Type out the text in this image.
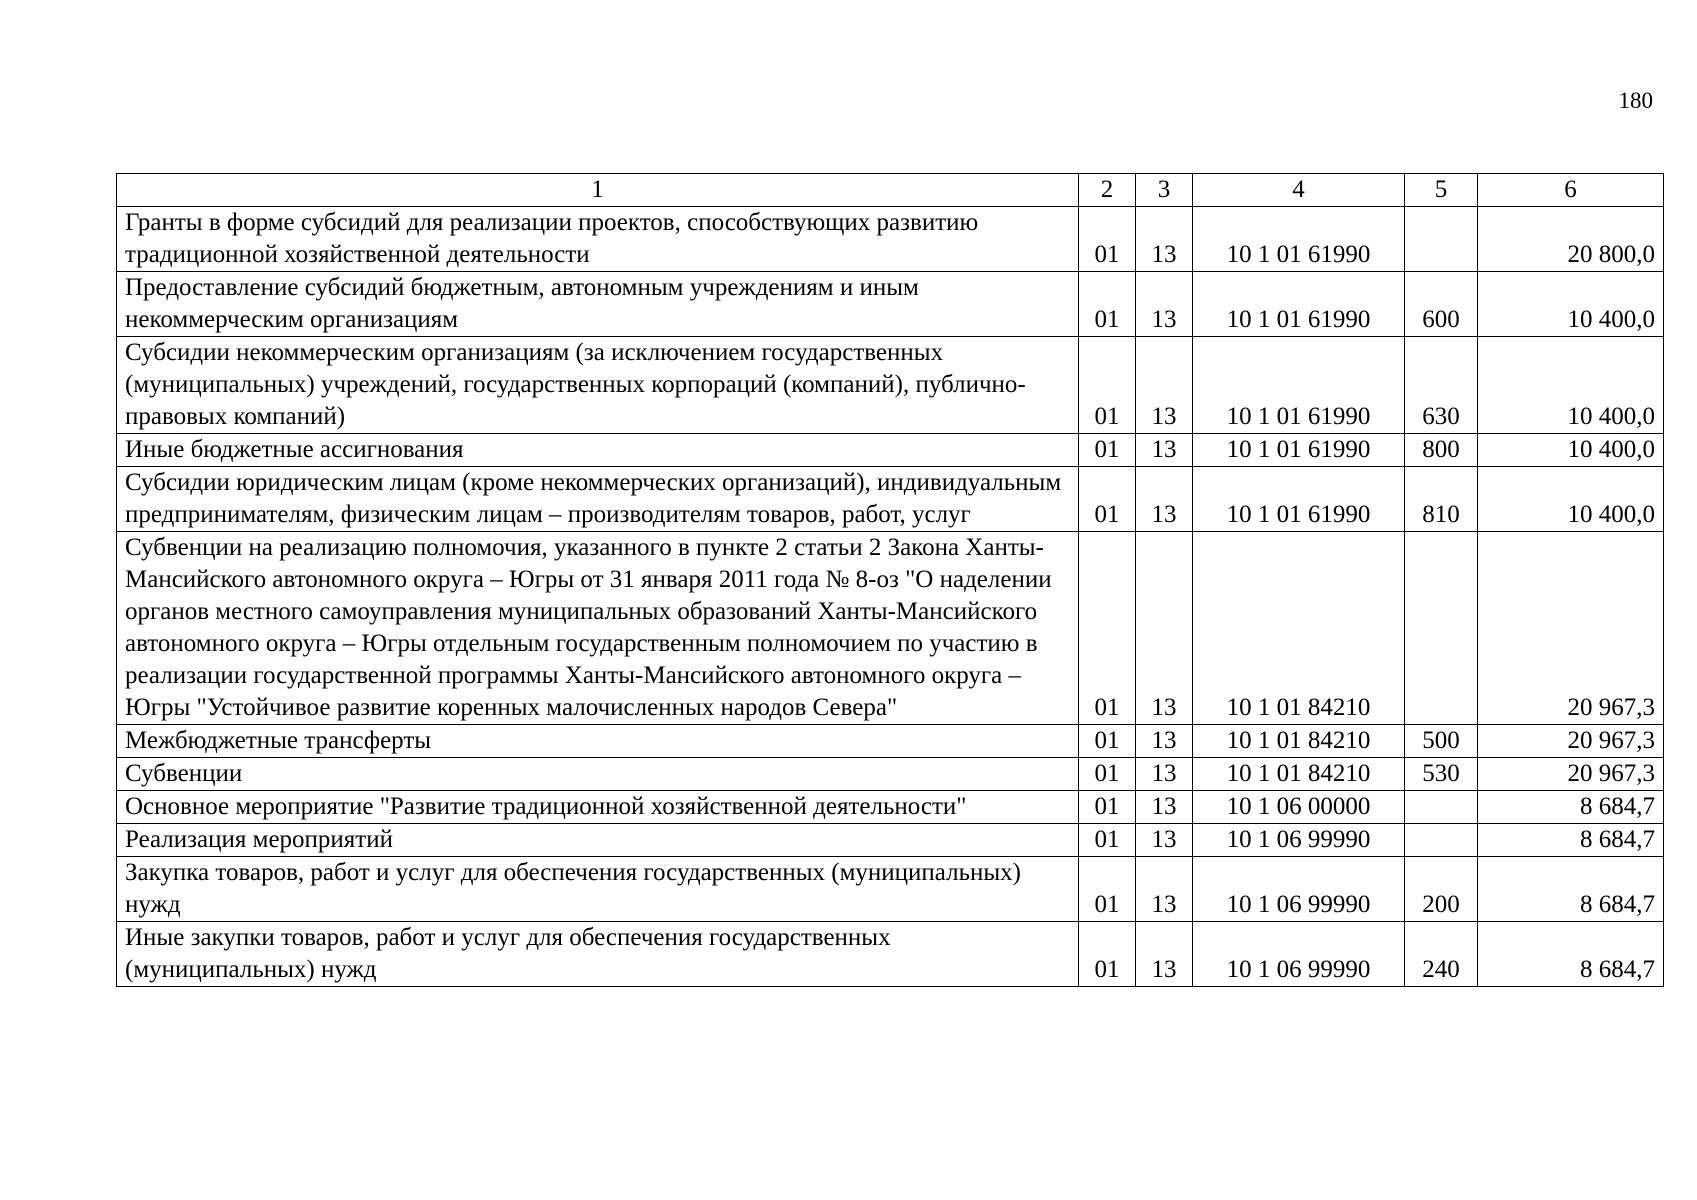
180
1	2	3	4	5	6
Гранты в форме субсидий для реализации проектов, способствующих развитию традиционной хозяйственной деятельности	01	13	10 1 01 61990		20 800,0
Предоставление субсидий бюджетным, автономным учреждениям и иным некоммерческим организациям	01	13	10 1 01 61990	600	10 400,0
Субсидии некоммерческим организациям (за исключением государственных (муниципальных) учреждений, государственных корпораций (компаний), публично-правовых компаний)	01	13	10 1 01 61990	630	10 400,0
Иные бюджетные ассигнования	01	13	10 1 01 61990	800	10 400,0
Субсидии юридическим лицам (кроме некоммерческих организаций), индивидуальным предпринимателям, физическим лицам – производителям товаров, работ, услуг	01	13	10 1 01 61990	810	10 400,0
Субвенции на реализацию полномочия, указанного в пункте 2 статьи 2 Закона Ханты-Мансийского автономного округа – Югры от 31 января 2011 года № 8-оз "О наделении органов местного самоуправления муниципальных образований Ханты-Мансийского автономного округа – Югры отдельным государственным полномочием по участию в реализации государственной программы Ханты-Мансийского автономного округа – Югры "Устойчивое развитие коренных малочисленных народов Севера"	01	13	10 1 01 84210		20 967,3
Межбюджетные трансферты	01	13	10 1 01 84210	500	20 967,3
Субвенции	01	13	10 1 01 84210	530	20 967,3
Основное мероприятие "Развитие традиционной хозяйственной деятельности"	01	13	10 1 06 00000		8 684,7
Реализация мероприятий	01	13	10 1 06 99990		8 684,7
Закупка товаров, работ и услуг для обеспечения государственных (муниципальных) нужд	01	13	10 1 06 99990	200	8 684,7
Иные закупки товаров, работ и услуг для обеспечения государственных (муниципальных) нужд	01	13	10 1 06 99990	240	8 684,7
